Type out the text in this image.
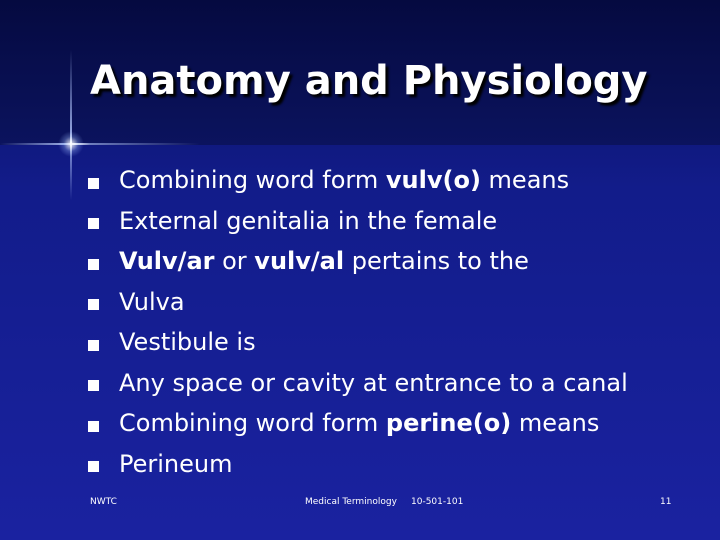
Anatomy and Physiology
Combining word form vulv(o) means
External genitalia in the female
Vulv/ar or vulv/al pertains to the
Vulva
Vestibule is
Any space or cavity at entrance to a canal
Combining word form perine(o) means
Perineum
NWTC	Medical Terminology 10-501-101	11
